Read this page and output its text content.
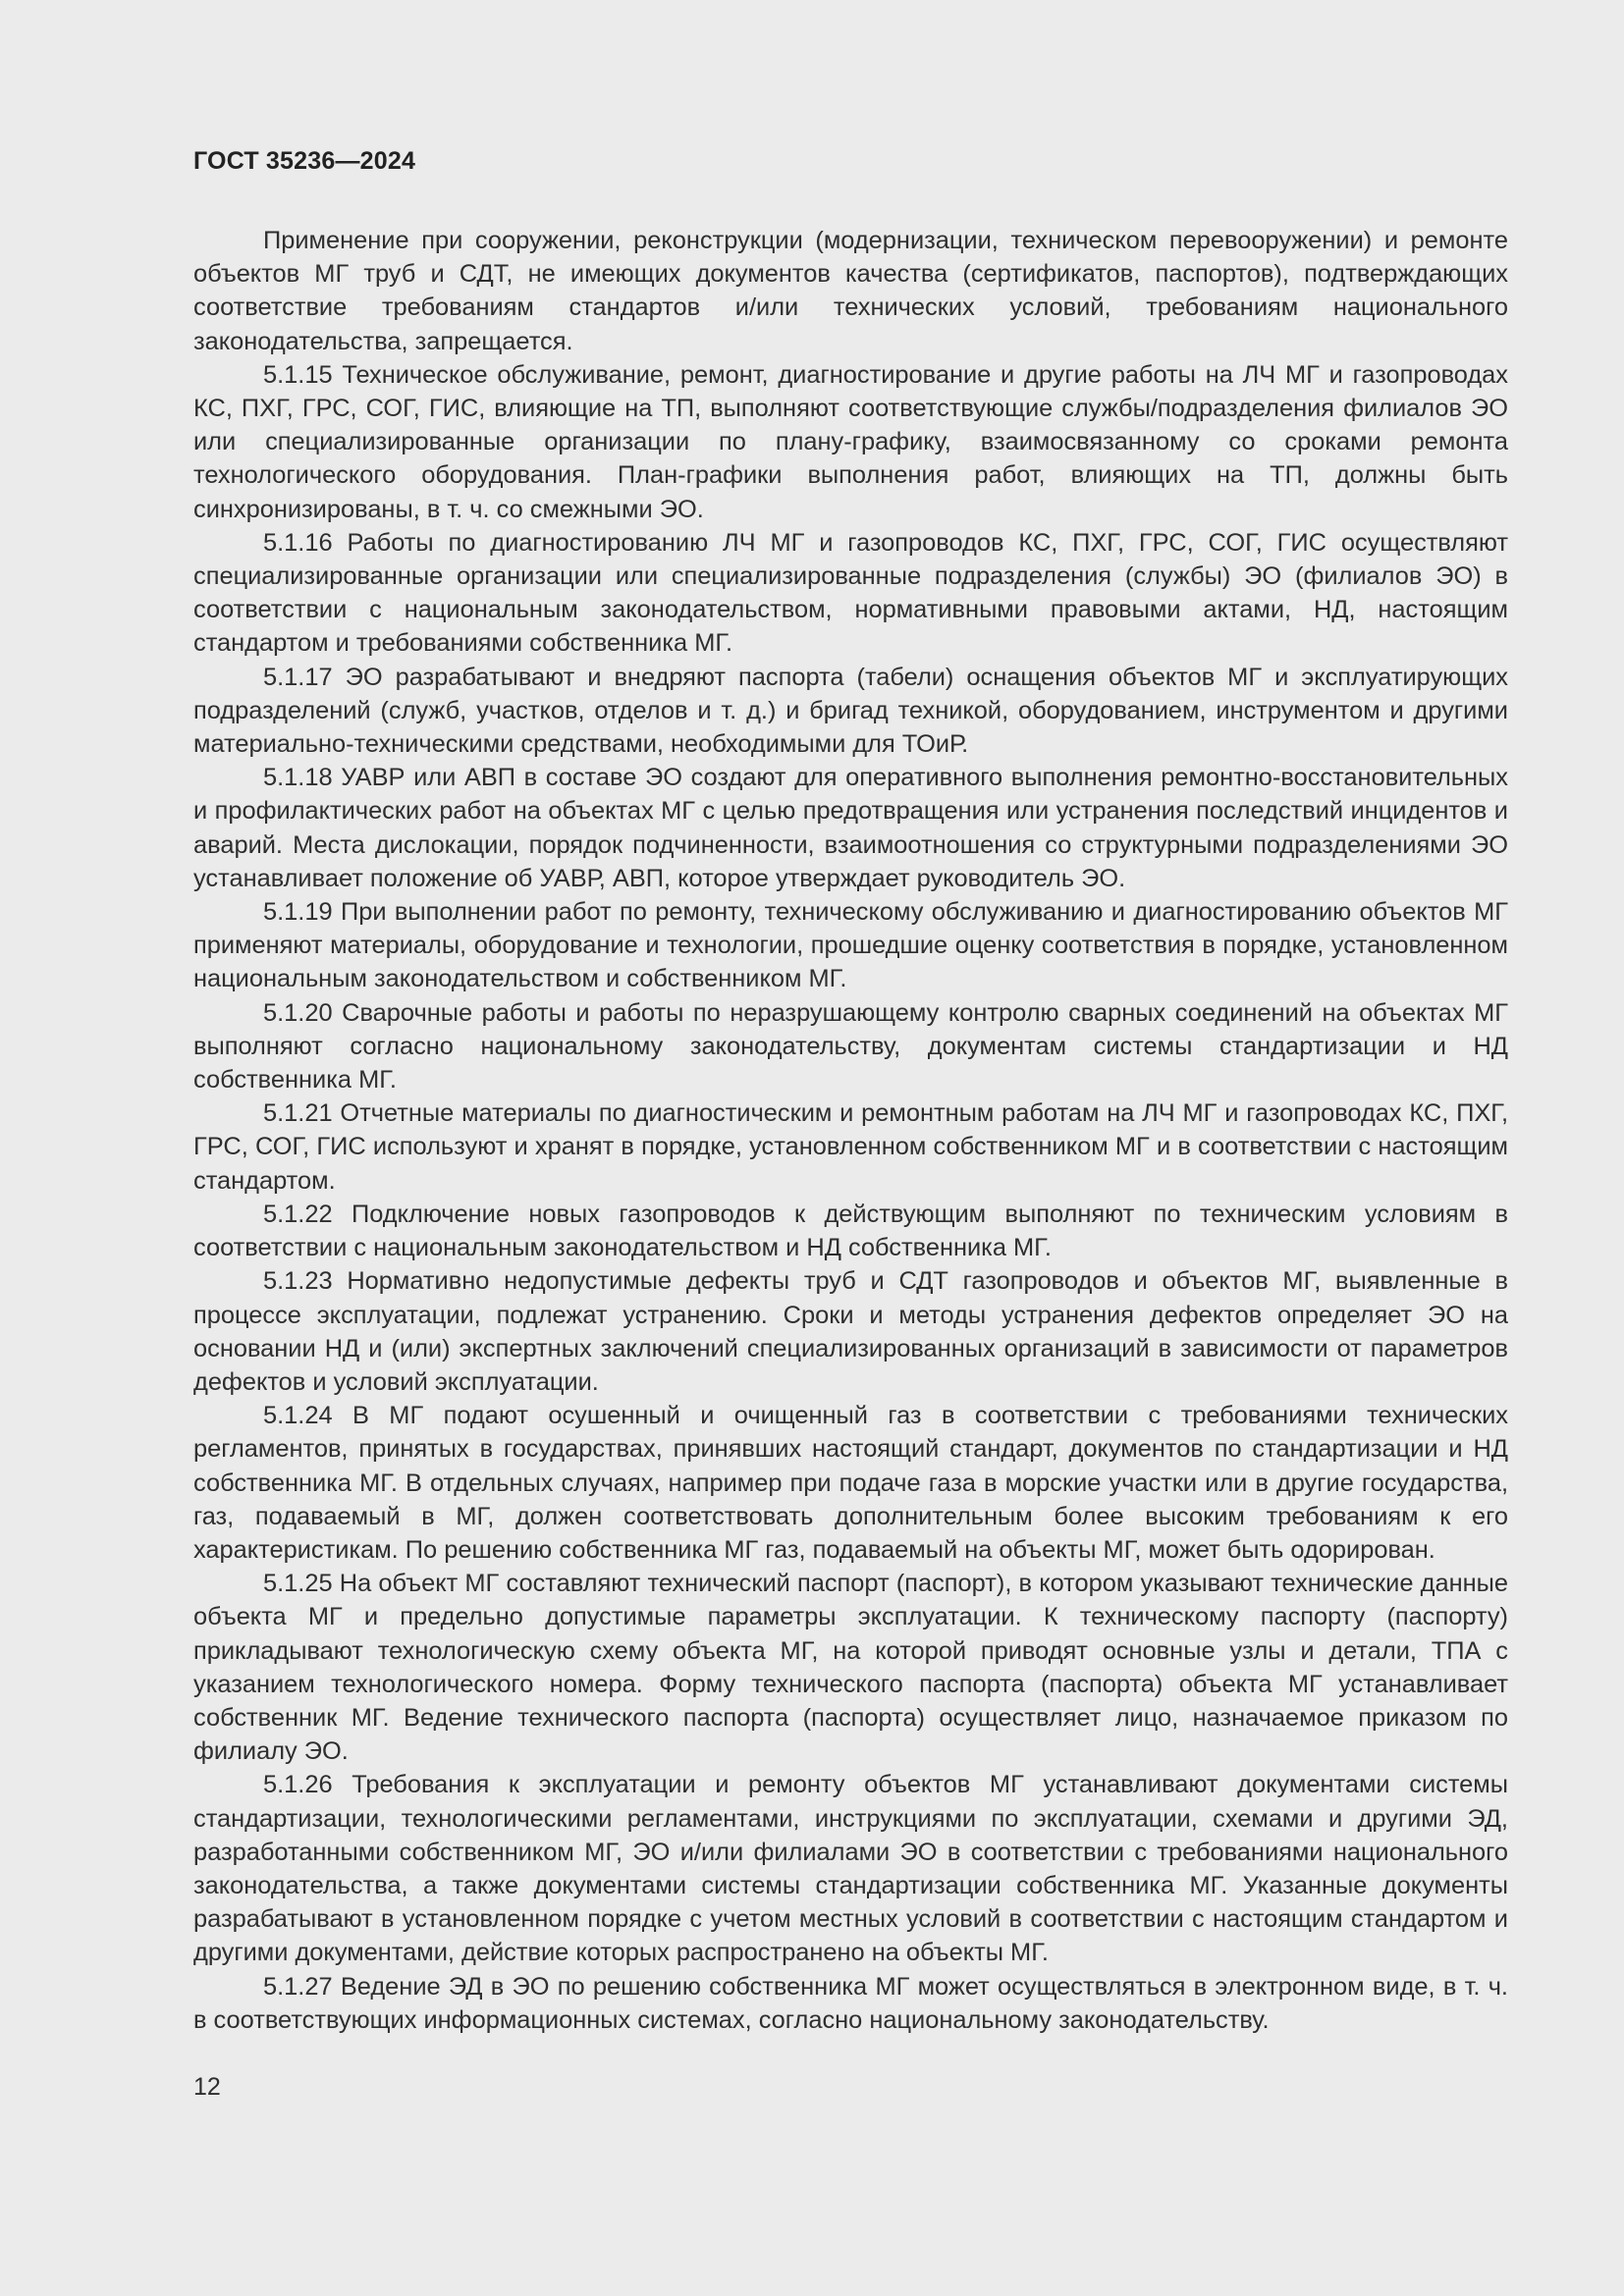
ГОСТ 35236—2024

Применение при сооружении, реконструкции (модернизации, техническом перевооружении) и ремонте объектов МГ труб и СДТ, не имеющих документов качества (сертификатов, паспортов), подтверждающих соответствие требованиям стандартов и/или технических условий, требованиям национального законодательства, запрещается.

5.1.15 Техническое обслуживание, ремонт, диагностирование и другие работы на ЛЧ МГ и газопроводах КС, ПХГ, ГРС, СОГ, ГИС, влияющие на ТП, выполняют соответствующие службы/подразделения филиалов ЭО или специализированные организации по плану-графику, взаимосвязанному со сроками ремонта технологического оборудования. План-графики выполнения работ, влияющих на ТП, должны быть синхронизированы, в т. ч. со смежными ЭО.

5.1.16 Работы по диагностированию ЛЧ МГ и газопроводов КС, ПХГ, ГРС, СОГ, ГИС осуществляют специализированные организации или специализированные подразделения (службы) ЭО (филиалов ЭО) в соответствии с национальным законодательством, нормативными правовыми актами, НД, настоящим стандартом и требованиями собственника МГ.

5.1.17 ЭО разрабатывают и внедряют паспорта (табели) оснащения объектов МГ и эксплуатирующих подразделений (служб, участков, отделов и т. д.) и бригад техникой, оборудованием, инструментом и другими материально-техническими средствами, необходимыми для ТОиР.

5.1.18 УАВР или АВП в составе ЭО создают для оперативного выполнения ремонтно-восстановительных и профилактических работ на объектах МГ с целью предотвращения или устранения последствий инцидентов и аварий. Места дислокации, порядок подчиненности, взаимоотношения со структурными подразделениями ЭО устанавливает положение об УАВР, АВП, которое утверждает руководитель ЭО.

5.1.19 При выполнении работ по ремонту, техническому обслуживанию и диагностированию объектов МГ применяют материалы, оборудование и технологии, прошедшие оценку соответствия в порядке, установленном национальным законодательством и собственником МГ.

5.1.20 Сварочные работы и работы по неразрушающему контролю сварных соединений на объектах МГ выполняют согласно национальному законодательству, документам системы стандартизации и НД собственника МГ.

5.1.21 Отчетные материалы по диагностическим и ремонтным работам на ЛЧ МГ и газопроводах КС, ПХГ, ГРС, СОГ, ГИС используют и хранят в порядке, установленном собственником МГ и в соответствии с настоящим стандартом.

5.1.22 Подключение новых газопроводов к действующим выполняют по техническим условиям в соответствии с национальным законодательством и НД собственника МГ.

5.1.23 Нормативно недопустимые дефекты труб и СДТ газопроводов и объектов МГ, выявленные в процессе эксплуатации, подлежат устранению. Сроки и методы устранения дефектов определяет ЭО на основании НД и (или) экспертных заключений специализированных организаций в зависимости от параметров дефектов и условий эксплуатации.

5.1.24 В МГ подают осушенный и очищенный газ в соответствии с требованиями технических регламентов, принятых в государствах, принявших настоящий стандарт, документов по стандартизации и НД собственника МГ. В отдельных случаях, например при подаче газа в морские участки или в другие государства, газ, подаваемый в МГ, должен соответствовать дополнительным более высоким требованиям к его характеристикам. По решению собственника МГ газ, подаваемый на объекты МГ, может быть одорирован.

5.1.25 На объект МГ составляют технический паспорт (паспорт), в котором указывают технические данные объекта МГ и предельно допустимые параметры эксплуатации. К техническому паспорту (паспорту) прикладывают технологическую схему объекта МГ, на которой приводят основные узлы и детали, ТПА с указанием технологического номера. Форму технического паспорта (паспорта) объекта МГ устанавливает собственник МГ. Ведение технического паспорта (паспорта) осуществляет лицо, назначаемое приказом по филиалу ЭО.

5.1.26 Требования к эксплуатации и ремонту объектов МГ устанавливают документами системы стандартизации, технологическими регламентами, инструкциями по эксплуатации, схемами и другими ЭД, разработанными собственником МГ, ЭО и/или филиалами ЭО в соответствии с требованиями национального законодательства, а также документами системы стандартизации собственника МГ. Указанные документы разрабатывают в установленном порядке с учетом местных условий в соответствии с настоящим стандартом и другими документами, действие которых распространено на объекты МГ.

5.1.27 Ведение ЭД в ЭО по решению собственника МГ может осуществляться в электронном виде, в т. ч. в соответствующих информационных системах, согласно национальному законодательству.

12
